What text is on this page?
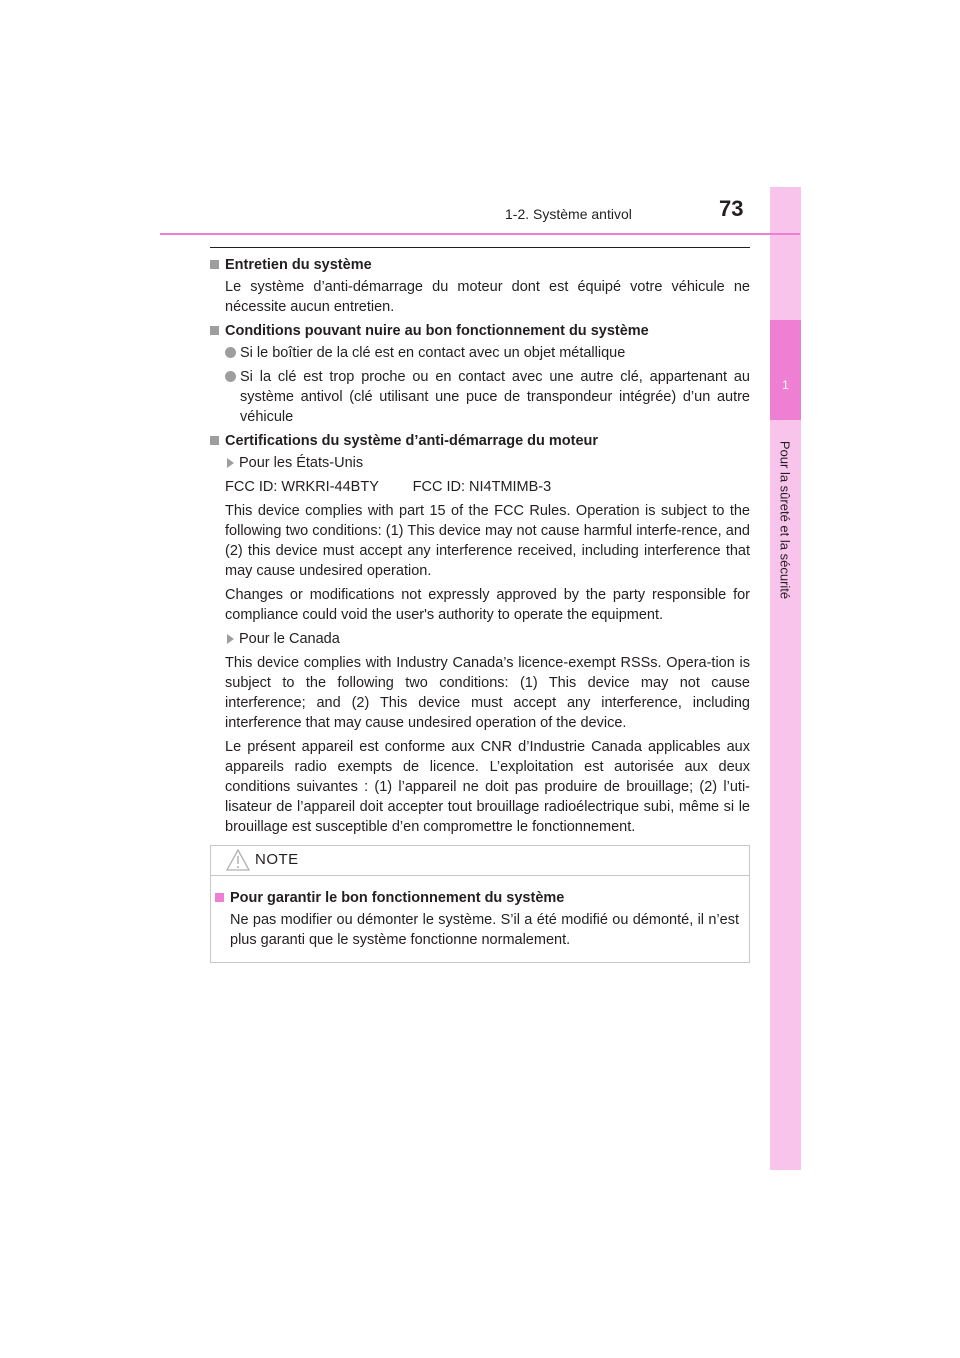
1
Pour la sûreté et la sécurité
1-2. Système antivol	73
Entretien du système

Le système d’anti-démarrage du moteur dont est équipé votre véhicule ne nécessite aucun entretien.

Conditions pouvant nuire au bon fonctionnement du système
Si le boîtier de la clé est en contact avec un objet métallique
Si la clé est trop proche ou en contact avec une autre clé, appartenant au système antivol (clé utilisant une puce de transpondeur intégrée) d’un autre véhicule
Certifications du système d’anti-démarrage du moteur
Pour les États-Unis
FCC ID: WRKRI-44BTY FCC ID: NI4TMIMB-3

This device complies with part 15 of the FCC Rules. Operation is subject to the following two conditions: (1) This device may not cause harmful interfe-rence, and (2) this device must accept any interference received, including interference that may cause undesired operation.

Changes or modifications not expressly approved by the party responsible for compliance could void the user's authority to operate the equipment.

Pour le Canada

This device complies with Industry Canada’s licence-exempt RSSs. Opera-tion is subject to the following two conditions: (1) This device may not cause interference; and (2) This device must accept any interference, including interference that may cause undesired operation of the device.

Le présent appareil est conforme aux CNR d’Industrie Canada applicables aux appareils radio exempts de licence. L’exploitation est autorisée aux deux conditions suivantes : (1) l’appareil ne doit pas produire de brouillage; (2) l’uti-lisateur de l’appareil doit accepter tout brouillage radioélectrique subi, même si le brouillage est susceptible d’en compromettre le fonctionnement.

NOTE
Pour garantir le bon fonctionnement du système

Ne pas modifier ou démonter le système. S’il a été modifié ou démonté, il n’est plus garanti que le système fonctionne normalement.
